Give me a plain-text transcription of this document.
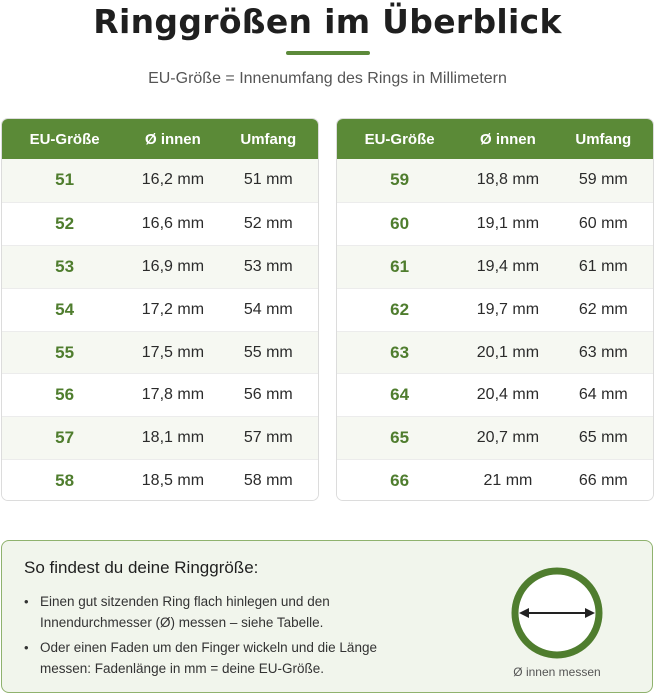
Ringgrößen im Überblick
EU-Größe = Innenumfang des Rings in Millimetern
EU-Größe	Ø innen	Umfang
51	16,2 mm	51 mm
52	16,6 mm	52 mm
53	16,9 mm	53 mm
54	17,2 mm	54 mm
55	17,5 mm	55 mm
56	17,8 mm	56 mm
57	18,1 mm	57 mm
58	18,5 mm	58 mm
EU-Größe	Ø innen	Umfang
59	18,8 mm	59 mm
60	19,1 mm	60 mm
61	19,4 mm	61 mm
62	19,7 mm	62 mm
63	20,1 mm	63 mm
64	20,4 mm	64 mm
65	20,7 mm	65 mm
66	21 mm	66 mm
So findest du deine Ringgröße:
• Einen gut sitzenden Ring flach hinlegen und den Innendurchmesser (Ø) messen – siehe Tabelle.
• Oder einen Faden um den Finger wickeln und die Länge messen: Fadenlänge in mm = deine EU-Größe.	Ø innen messen
